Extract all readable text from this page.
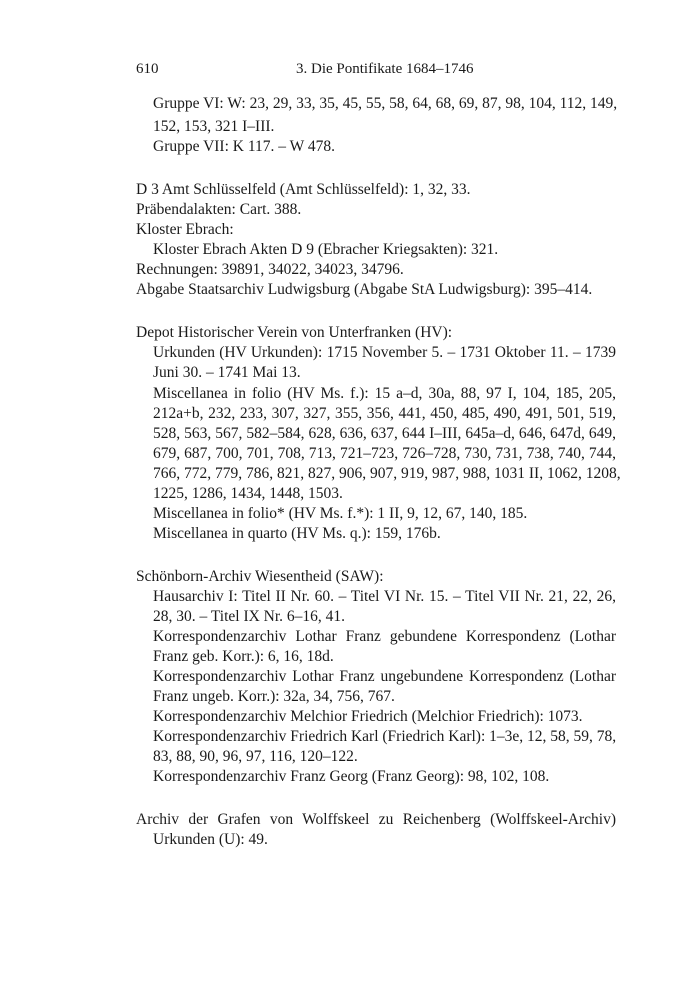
610	3. Die Pontifikate 1684–1746
Gruppe VI: W: 23, 29, 33, 35, 45, 55, 58, 64, 68, 69, 87, 98, 104, 112, 149,
152, 153, 321 I–III.
Gruppe VII: K 117. – W 478.
D 3 Amt Schlüsselfeld (Amt Schlüsselfeld): 1, 32, 33.
Präbendalakten: Cart. 388.
Kloster Ebrach:
Kloster Ebrach Akten D 9 (Ebracher Kriegsakten): 321.
Rechnungen: 39891, 34022, 34023, 34796.
Abgabe Staatsarchiv Ludwigsburg (Abgabe StA Ludwigsburg): 395–414.
Depot Historischer Verein von Unterfranken (HV):
Urkunden (HV Urkunden): 1715 November 5. – 1731 Oktober 11. – 1739
Juni 30. – 1741 Mai 13.
Miscellanea in folio (HV Ms. f.): 15 a–d, 30a, 88, 97 I, 104, 185, 205,
212a+b, 232, 233, 307, 327, 355, 356, 441, 450, 485, 490, 491, 501, 519,
528, 563, 567, 582–584, 628, 636, 637, 644 I–III, 645a–d, 646, 647d, 649,
679, 687, 700, 701, 708, 713, 721–723, 726–728, 730, 731, 738, 740, 744,
766, 772, 779, 786, 821, 827, 906, 907, 919, 987, 988, 1031 II, 1062, 1208,
1225, 1286, 1434, 1448, 1503.
Miscellanea in folio* (HV Ms. f.*): 1 II, 9, 12, 67, 140, 185.
Miscellanea in quarto (HV Ms. q.): 159, 176b.
Schönborn-Archiv Wiesentheid (SAW):
Hausarchiv I: Titel II Nr. 60. – Titel VI Nr. 15. – Titel VII Nr. 21, 22, 26,
28, 30. – Titel IX Nr. 6–16, 41.
Korrespondenzarchiv Lothar Franz gebundene Korrespondenz (Lothar
Franz geb. Korr.): 6, 16, 18d.
Korrespondenzarchiv Lothar Franz ungebundene Korrespondenz (Lothar
Franz ungeb. Korr.): 32a, 34, 756, 767.
Korrespondenzarchiv Melchior Friedrich (Melchior Friedrich): 1073.
Korrespondenzarchiv Friedrich Karl (Friedrich Karl): 1–3e, 12, 58, 59, 78,
83, 88, 90, 96, 97, 116, 120–122.
Korrespondenzarchiv Franz Georg (Franz Georg): 98, 102, 108.
Archiv der Grafen von Wolffskeel zu Reichenberg (Wolffskeel-Archiv)
Urkunden (U): 49.
